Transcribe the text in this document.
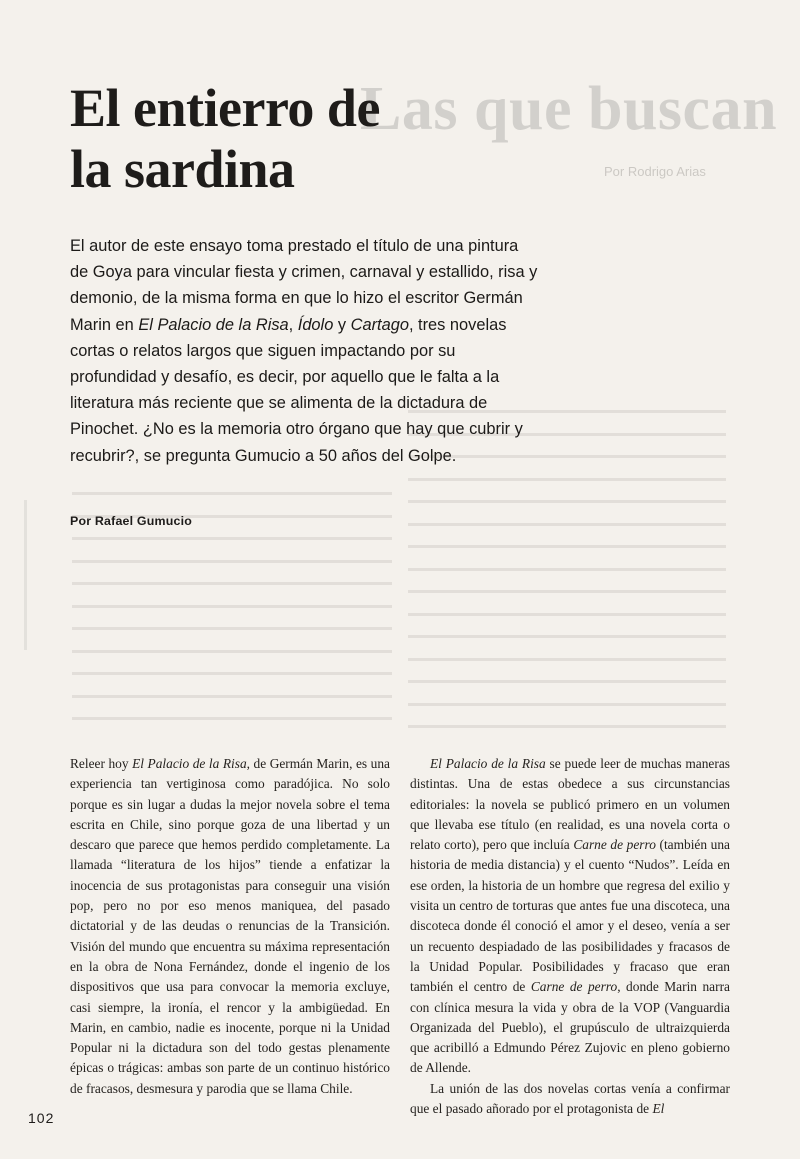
Las que buscan
Por Rodrigo Arias
El entierro de
la sardina

El autor de este ensayo toma prestado el título de una pintura de Goya para vincular fiesta y crimen, carnaval y estallido, risa y demonio, de la misma forma en que lo hizo el escritor Germán Marin en El Palacio de la Risa, Ídolo y Cartago, tres novelas cortas o relatos largos que siguen impactando por su profundidad y desafío, es decir, por aquello que le falta a la literatura más reciente que se alimenta de la dictadura de Pinochet. ¿No es la memoria otro órgano que hay que cubrir y recubrir?, se pregunta Gumucio a 50 años del Golpe.

Por Rafael Gumucio

Releer hoy El Palacio de la Risa, de Germán Marin, es una experiencia tan vertiginosa como paradójica. No solo porque es sin lugar a dudas la mejor novela sobre el tema escrita en Chile, sino porque goza de una libertad y un descaro que parece que hemos perdido completamente. La llamada “literatura de los hijos” tiende a enfatizar la inocencia de sus protagonistas para conseguir una visión pop, pero no por eso menos maniquea, del pasado dictatorial y de las deudas o renuncias de la Transición. Visión del mundo que encuentra su máxima representación en la obra de Nona Fernández, donde el ingenio de los dispositivos que usa para convocar la memoria excluye, casi siempre, la ironía, el rencor y la ambigüedad. En Marin, en cambio, nadie es inocente, porque ni la Unidad Popular ni la dictadura son del todo gestas plenamente épicas o trágicas: ambas son parte de un continuo histórico de fracasos, desmesura y parodia que se llama Chile.

El Palacio de la Risa se puede leer de muchas maneras distintas. Una de estas obedece a sus circunstancias editoriales: la novela se publicó primero en un volumen que llevaba ese título (en realidad, es una novela corta o relato corto), pero que incluía Carne de perro (también una historia de media distancia) y el cuento “Nudos”. Leída en ese orden, la historia de un hombre que regresa del exilio y visita un centro de torturas que antes fue una discoteca, una discoteca donde él conoció el amor y el deseo, venía a ser un recuento despiadado de las posibilidades y fracasos de la Unidad Popular. Posibilidades y fracaso que eran también el centro de Carne de perro, donde Marin narra con clínica mesura la vida y obra de la VOP (Vanguardia Organizada del Pueblo), el grupúsculo de ultraizquierda que acribilló a Edmundo Pérez Zujovic en pleno gobierno de Allende.

La unión de las dos novelas cortas venía a confirmar que el pasado añorado por el protagonista de El

102
